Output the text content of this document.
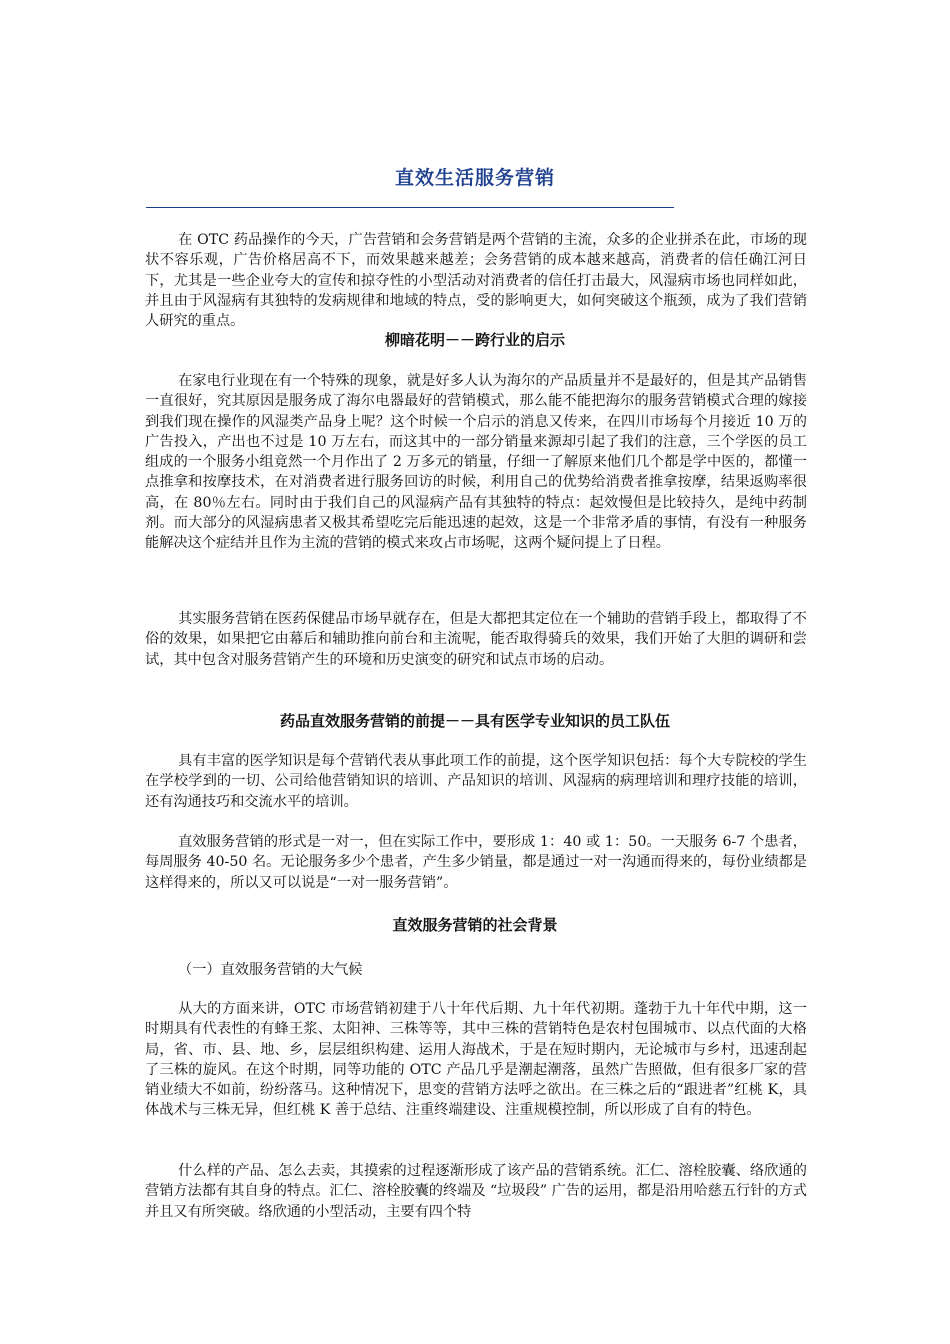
直效生活服务营销
在 OTC 药品操作的今天，广告营销和会务营销是两个营销的主流，众多的企业拼杀在此，市场的现状不容乐观，广告价格居高不下，而效果越来越差；会务营销的成本越来越高，消费者的信任确江河日下，尤其是一些企业夸大的宣传和掠夺性的小型活动对消费者的信任打击最大，风湿病市场也同样如此，并且由于风湿病有其独特的发病规律和地域的特点，受的影响更大，如何突破这个瓶颈，成为了我们营销人研究的重点。
柳暗花明－－跨行业的启示
在家电行业现在有一个特殊的现象，就是好多人认为海尔的产品质量并不是最好的，但是其产品销售一直很好，究其原因是服务成了海尔电器最好的营销模式，那么能不能把海尔的服务营销模式合理的嫁接到我们现在操作的风湿类产品身上呢？这个时候一个启示的消息又传来，在四川市场每个月接近 10 万的广告投入，产出也不过是 10 万左右，而这其中的一部分销量来源却引起了我们的注意，三个学医的员工组成的一个服务小组竟然一个月作出了 2 万多元的销量，仔细一了解原来他们几个都是学中医的，都懂一点推拿和按摩技术，在对消费者进行服务回访的时候，利用自己的优势给消费者推拿按摩，结果返购率很高，在 80％左右。同时由于我们自己的风湿病产品有其独特的特点：起效慢但是比较持久，是纯中药制剂。而大部分的风湿病患者又极其希望吃完后能迅速的起效，这是一个非常矛盾的事情，有没有一种服务能解决这个症结并且作为主流的营销的模式来攻占市场呢，这两个疑问提上了日程。
其实服务营销在医药保健品市场早就存在，但是大都把其定位在一个辅助的营销手段上，都取得了不俗的效果，如果把它由幕后和辅助推向前台和主流呢，能否取得骑兵的效果，我们开始了大胆的调研和尝试，其中包含对服务营销产生的环境和历史演变的研究和试点市场的启动。
药品直效服务营销的前提－－具有医学专业知识的员工队伍
具有丰富的医学知识是每个营销代表从事此项工作的前提，这个医学知识包括：每个大专院校的学生在学校学到的一切、公司给他营销知识的培训、产品知识的培训、风湿病的病理培训和理疗技能的培训，还有沟通技巧和交流水平的培训。
直效服务营销的形式是一对一，但在实际工作中，要形成 1：40 或 1：50。一天服务 6-7 个患者，每周服务 40-50 名。无论服务多少个患者，产生多少销量，都是通过一对一沟通而得来的，每份业绩都是这样得来的，所以又可以说是“一对一服务营销”。
直效服务营销的社会背景
（一）直效服务营销的大气候
从大的方面来讲，OTC 市场营销初建于八十年代后期、九十年代初期。蓬勃于九十年代中期，这一时期具有代表性的有蜂王浆、太阳神、三株等等，其中三株的营销特色是农村包围城市、以点代面的大格局，省、市、县、地、乡，层层组织构建、运用人海战术，于是在短时期内，无论城市与乡村，迅速刮起了三株的旋风。在这个时期，同等功能的 OTC 产品几乎是潮起潮落，虽然广告照做，但有很多厂家的营销业绩大不如前，纷纷落马。这种情况下，思变的营销方法呼之欲出。在三株之后的“跟进者”红桃 K，具体战术与三株无异，但红桃 K 善于总结、注重终端建设、注重规模控制，所以形成了自有的特色。
什么样的产品、怎么去卖，其摸索的过程逐渐形成了该产品的营销系统。汇仁、溶栓胶囊、络欣通的营销方法都有其自身的特点。汇仁、溶栓胶囊的终端及 “垃圾段” 广告的运用，都是沿用哈慈五行针的方式并且又有所突破。络欣通的小型活动，主要有四个特
